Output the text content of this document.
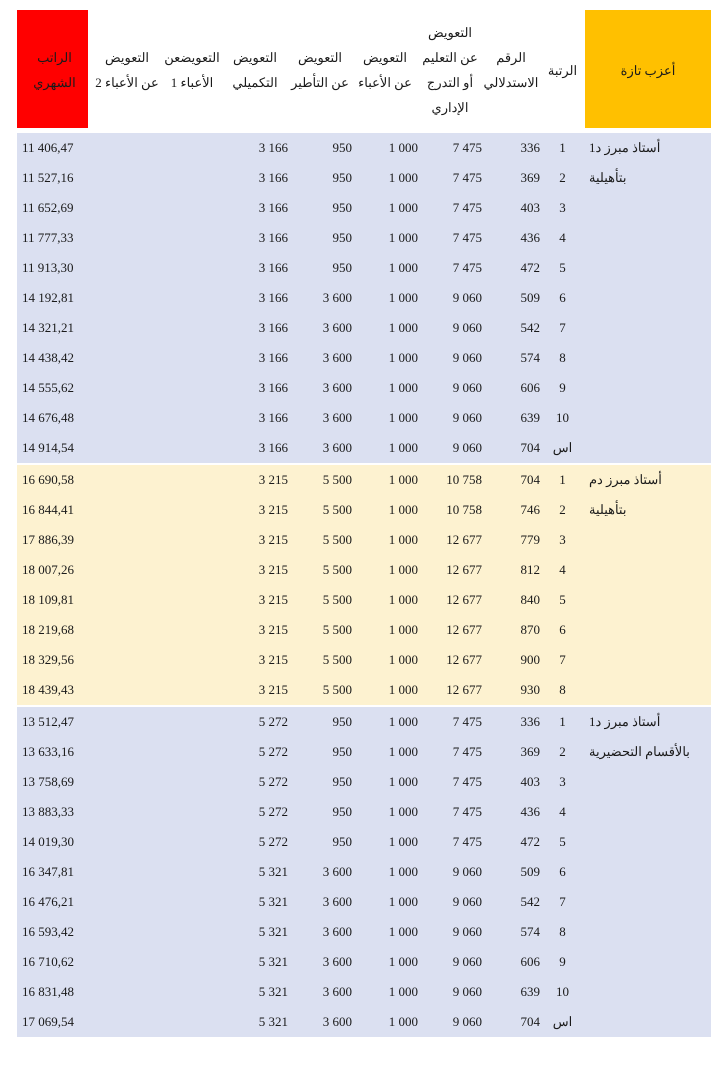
أعزب تازة
الرتبة
الرقم
الاستدلالي
التعويض
عن التعليم
أو التدرج
الإداري
التعويض
عن الأعباء
التعويض
عن التأطير
التعويض
التكميلي
التعويضعن
الأعباء 1
التعويض
عن الأعباء 2
الراتب
الشهري
أستاذ مبرز د1
بتأهيلية
1
336
7 475
1 000
950
3 166
11 406,47
2
369
7 475
1 000
950
3 166
11 527,16
3
403
7 475
1 000
950
3 166
11 652,69
4
436
7 475
1 000
950
3 166
11 777,33
5
472
7 475
1 000
950
3 166
11 913,30
6
509
9 060
1 000
3 600
3 166
14 192,81
7
542
9 060
1 000
3 600
3 166
14 321,21
8
574
9 060
1 000
3 600
3 166
14 438,42
9
606
9 060
1 000
3 600
3 166
14 555,62
10
639
9 060
1 000
3 600
3 166
14 676,48
اس
704
9 060
1 000
3 600
3 166
14 914,54
أستاذ مبرز دم
بتأهيلية
1
704
10 758
1 000
5 500
3 215
16 690,58
2
746
10 758
1 000
5 500
3 215
16 844,41
3
779
12 677
1 000
5 500
3 215
17 886,39
4
812
12 677
1 000
5 500
3 215
18 007,26
5
840
12 677
1 000
5 500
3 215
18 109,81
6
870
12 677
1 000
5 500
3 215
18 219,68
7
900
12 677
1 000
5 500
3 215
18 329,56
8
930
12 677
1 000
5 500
3 215
18 439,43
أستاذ مبرز د1
بالأقسام التحضيرية
1
336
7 475
1 000
950
5 272
13 512,47
2
369
7 475
1 000
950
5 272
13 633,16
3
403
7 475
1 000
950
5 272
13 758,69
4
436
7 475
1 000
950
5 272
13 883,33
5
472
7 475
1 000
950
5 272
14 019,30
6
509
9 060
1 000
3 600
5 321
16 347,81
7
542
9 060
1 000
3 600
5 321
16 476,21
8
574
9 060
1 000
3 600
5 321
16 593,42
9
606
9 060
1 000
3 600
5 321
16 710,62
10
639
9 060
1 000
3 600
5 321
16 831,48
اس
704
9 060
1 000
3 600
5 321
17 069,54
